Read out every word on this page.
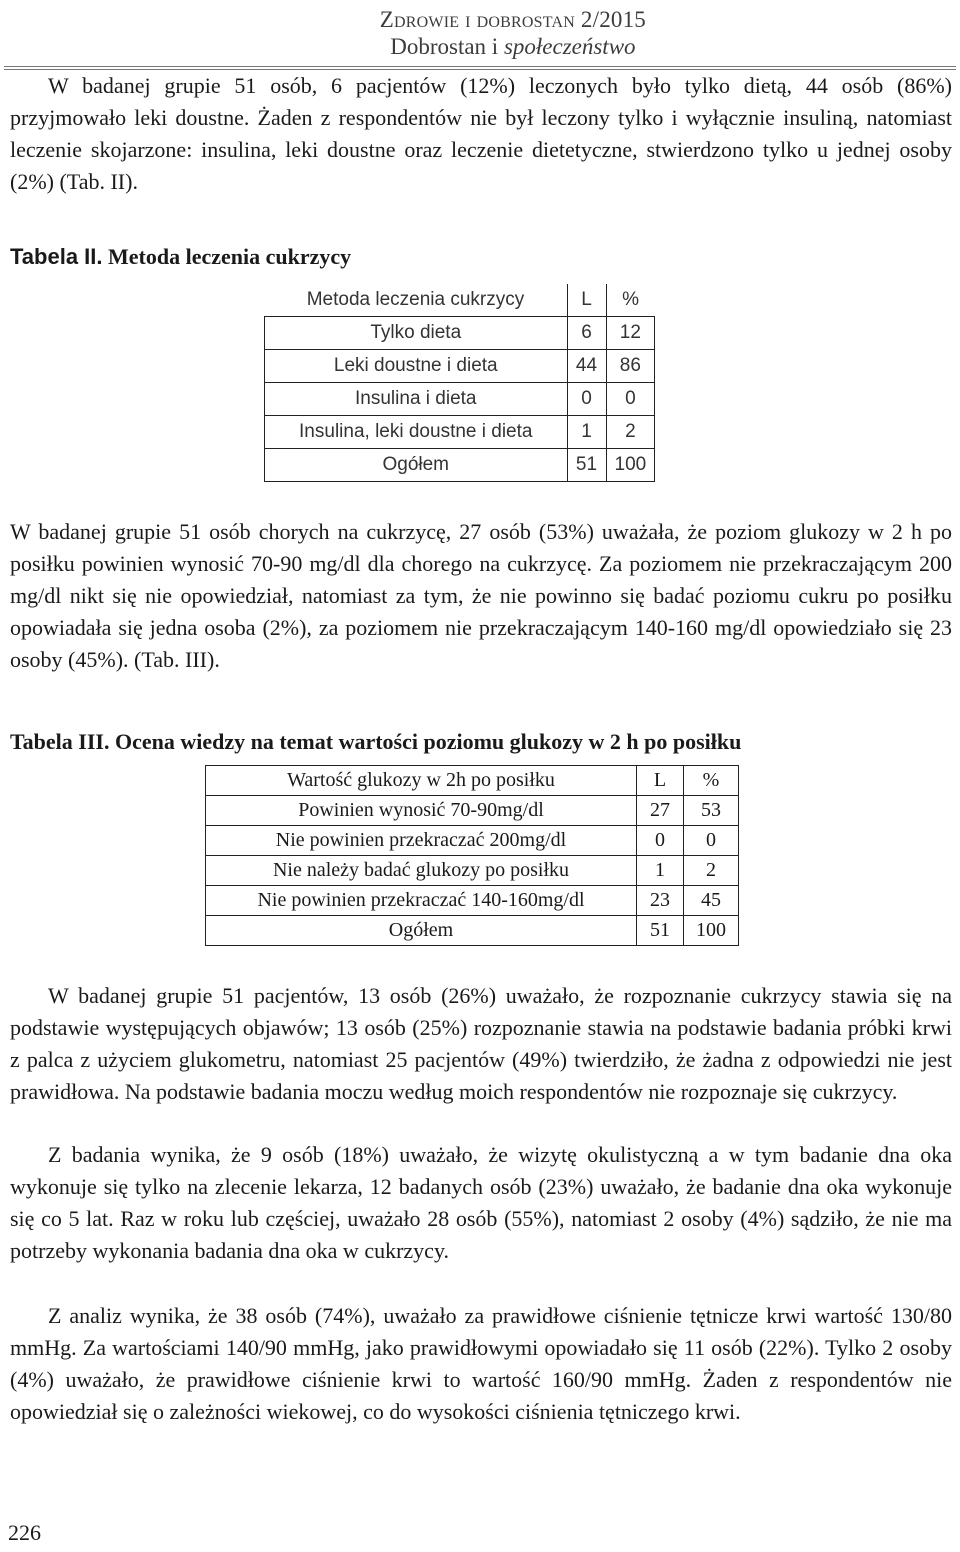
Zdrowie i dobrostan 2/2015
Dobrostan i społeczeństwo

W badanej grupie 51 osób, 6 pacjentów (12%) leczonych było tylko dietą, 44 osób (86%) przyjmowało leki doustne. Żaden z respondentów nie był leczony tylko i wyłącznie insuliną, natomiast leczenie skojarzone: insulina, leki doustne oraz leczenie dietetyczne, stwierdzono tylko u jednej osoby (2%) (Tab. II).

Tabela II. Metoda leczenia cukrzycy
Metoda leczenia cukrzycy	L	%
Tylko dieta	6	12
Leki doustne i dieta	44	86
Insulina i dieta	0	0
Insulina, leki doustne i dieta	1	2
Ogółem	51	100

W badanej grupie 51 osób chorych na cukrzycę, 27 osób (53%) uważała, że poziom glukozy w 2 h po posiłku powinien wynosić 70-90 mg/dl dla chorego na cukrzycę. Za poziomem nie przekraczającym 200 mg/dl nikt się nie opowiedział, natomiast za tym, że nie powinno się badać poziomu cukru po posiłku opowiadała się jedna osoba (2%), za poziomem nie przekraczającym 140-160 mg/dl opowiedziało się 23 osoby (45%). (Tab. III).

Tabela III. Ocena wiedzy na temat wartości poziomu glukozy w 2 h po posiłku
Wartość glukozy w 2h po posiłku	L	%
Powinien wynosić 70-90mg/dl	27	53
Nie powinien przekraczać 200mg/dl	0	0
Nie należy badać glukozy po posiłku	1	2
Nie powinien przekraczać 140-160mg/dl	23	45
Ogółem	51	100

W badanej grupie 51 pacjentów, 13 osób (26%) uważało, że rozpoznanie cukrzycy stawia się na podstawie występujących objawów; 13 osób (25%) rozpoznanie stawia na podstawie badania próbki krwi z palca z użyciem glukometru, natomiast 25 pacjentów (49%) twierdziło, że żadna z odpowiedzi nie jest prawidłowa. Na podstawie badania moczu według moich respondentów nie rozpoznaje się cukrzycy.

Z badania wynika, że 9 osób (18%) uważało, że wizytę okulistyczną a w tym badanie dna oka wykonuje się tylko na zlecenie lekarza, 12 badanych osób (23%) uważało, że badanie dna oka wykonuje się co 5 lat. Raz w roku lub częściej, uważało 28 osób (55%), natomiast 2 osoby (4%) sądziło, że nie ma potrzeby wykonania badania dna oka w cukrzycy.

Z analiz wynika, że 38 osób (74%), uważało za prawidłowe ciśnienie tętnicze krwi wartość 130/80 mmHg. Za wartościami 140/90 mmHg, jako prawidłowymi opowiadało się 11 osób (22%). Tylko 2 osoby (4%) uważało, że prawidłowe ciśnienie krwi to wartość 160/90 mmHg. Żaden z respondentów nie opowiedział się o zależności wiekowej, co do wysokości ciśnienia tętniczego krwi.

226
